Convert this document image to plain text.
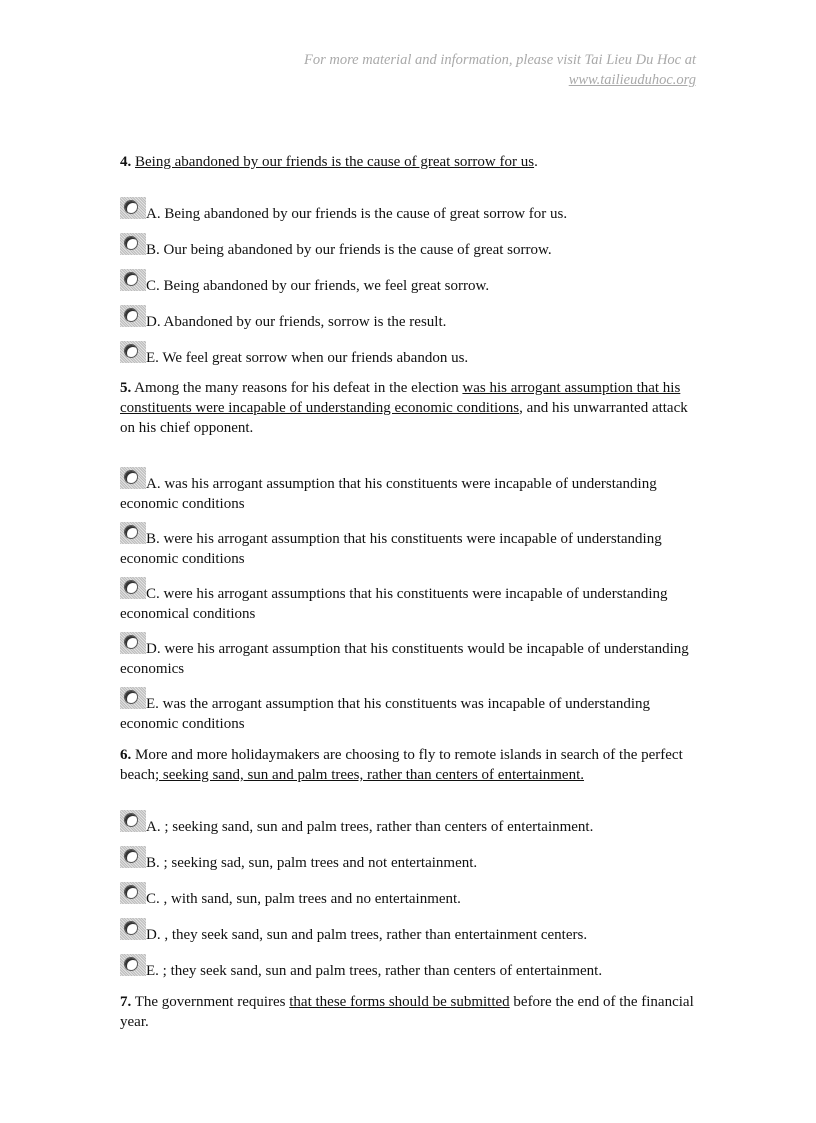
For more material and information, please visit Tai Lieu Du Hoc at
www.tailieuduhoc.org

4. Being abandoned by our friends is the cause of great sorrow for us.

A. Being abandoned by our friends is the cause of great sorrow for us.
B. Our being abandoned by our friends is the cause of great sorrow.
C. Being abandoned by our friends, we feel great sorrow.
D. Abandoned by our friends, sorrow is the result.
E. We feel great sorrow when our friends abandon us.

5. Among the many reasons for his defeat in the election was his arrogant assumption that his constituents were incapable of understanding economic conditions, and his unwarranted attack on his chief opponent.

A. was his arrogant assumption that his constituents were incapable of understanding economic conditions
B. were his arrogant assumption that his constituents were incapable of understanding economic conditions
C. were his arrogant assumptions that his constituents were incapable of understanding economical conditions
D. were his arrogant assumption that his constituents would be incapable of understanding economics
E. was the arrogant assumption that his constituents was incapable of understanding economic conditions

6. More and more holidaymakers are choosing to fly to remote islands in search of the perfect beach; seeking sand, sun and palm trees, rather than centers of entertainment.

A. ; seeking sand, sun and palm trees, rather than centers of entertainment.
B. ; seeking sad, sun, palm trees and not entertainment.
C. , with sand, sun, palm trees and no entertainment.
D. , they seek sand, sun and palm trees, rather than entertainment centers.
E. ; they seek sand, sun and palm trees, rather than centers of entertainment.

7. The government requires that these forms should be submitted before the end of the financial year.
